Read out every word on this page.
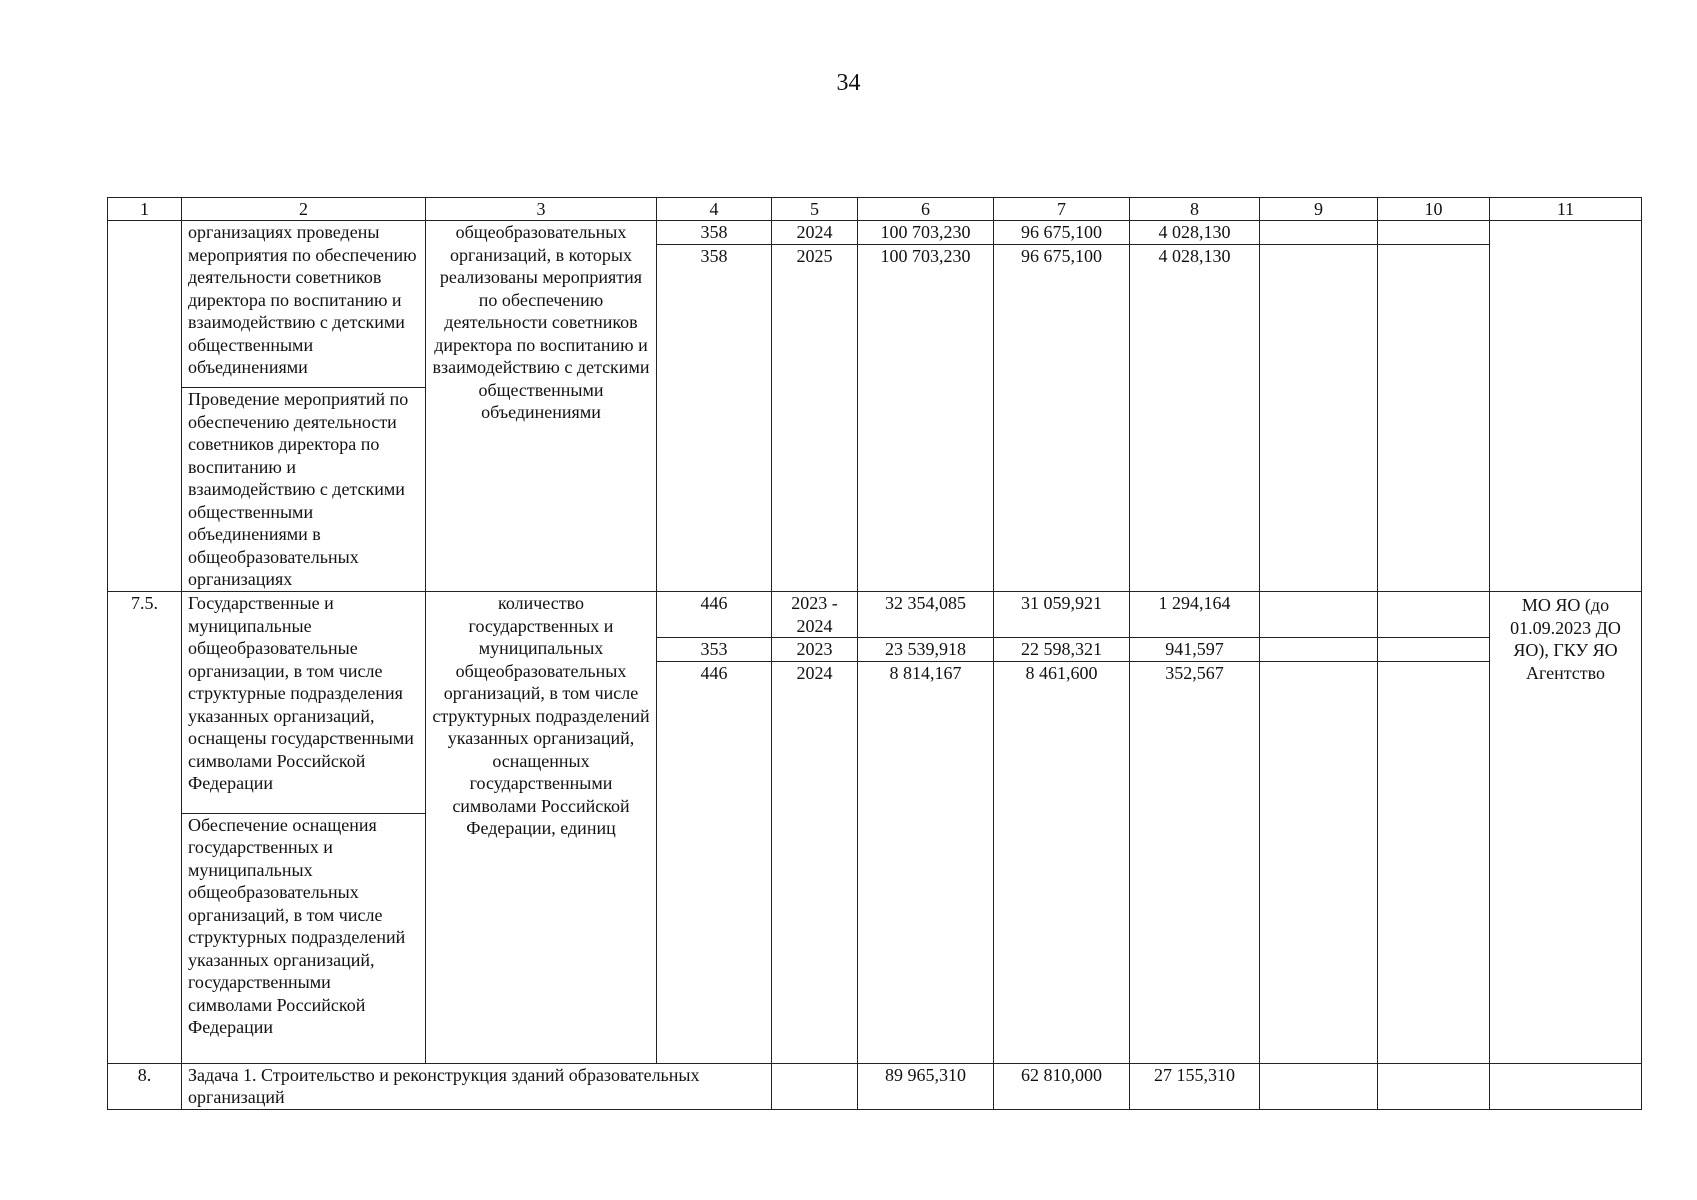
34
1	2	3	4	5	6	7	8	9	10	11
	организациях проведены мероприятия по обеспечению деятельности советников директора по воспитанию и взаимодействию с детскими общественными объединениями	общеобразовательных организаций, в которых реализованы мероприятия по обеспечению деятельности советников директора по воспитанию и взаимодействию с детскими общественными объединениями	358	2024	100 703,230	96 675,100	4 028,130			
			358	2025	100 703,230	96 675,100	4 028,130			
	Проведение мероприятий по обеспечению деятельности советников директора по воспитанию и взаимодействию с детскими общественными объединениями в общеобразовательных организациях									
7.5.	Государственные и муниципальные общеобразовательные организации, в том числе структурные подразделения указанных организаций, оснащены государственными символами Российской Федерации	количество государственных и муниципальных общеобразовательных организаций, в том числе структурных подразделений указанных организаций, оснащенных государственными символами Российской Федерации, единиц	446	2023 - 2024	32 354,085	31 059,921	1 294,164			МО ЯО (до 01.09.2023 ДО ЯО), ГКУ ЯО Агентство
			353	2023	23 539,918	22 598,321	941,597			
			446	2024	8 814,167	8 461,600	352,567			
	Обеспечение оснащения государственных и муниципальных общеобразовательных организаций, в том числе структурных подразделений указанных организаций, государственными символами Российской Федерации									
8.	Задача 1. Строительство и реконструкция зданий образовательных организаций				89 965,310	62 810,000	27 155,310			
